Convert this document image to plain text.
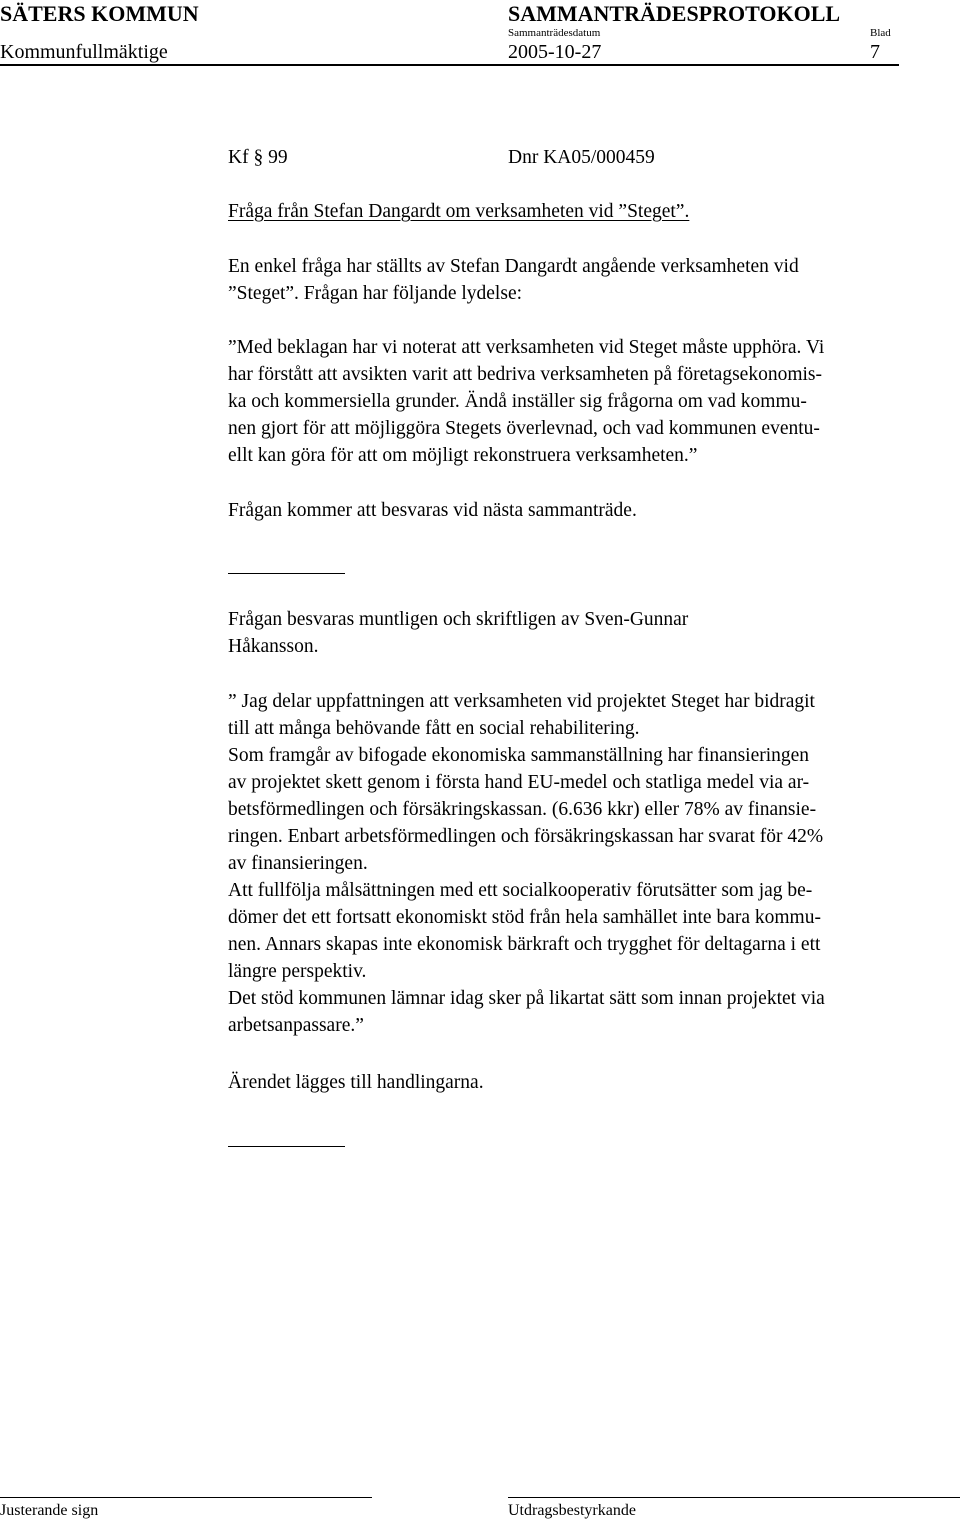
SÄTERS KOMMUN	SAMMANTRÄDESPROTOKOLL
Sammanträdesdatum	Blad
Kommunfullmäktige	2005-10-27	7
Kf § 99	Dnr KA05/000459
Fråga från Stefan Dangardt om verksamheten vid ”Steget”.
En enkel fråga har ställts av Stefan Dangardt angående verksamheten vid
”Steget”. Frågan har följande lydelse:
”Med beklagan har vi noterat att verksamheten vid Steget måste upphöra. Vi
har förstått att avsikten varit att bedriva verksamheten på företagsekonomis-
ka och kommersiella grunder. Ändå inställer sig frågorna om vad kommu-
nen gjort för att möjliggöra Stegets överlevnad, och vad kommunen eventu-
ellt kan göra för att om möjligt rekonstruera verksamheten.”
Frågan kommer att besvaras vid nästa sammanträde.
Frågan besvaras muntligen och skriftligen av Sven-Gunnar
Håkansson.
” Jag delar uppfattningen att verksamheten vid projektet Steget har bidragit
till att många behövande fått en social rehabilitering.
Som framgår av bifogade ekonomiska sammanställning har finansieringen
av projektet skett genom i första hand EU-medel och statliga medel via ar-
betsförmedlingen och försäkringskassan. (6.636 kkr) eller 78% av finansie-
ringen. Enbart arbetsförmedlingen och försäkringskassan har svarat för 42%
av finansieringen.
Att fullfölja målsättningen med ett socialkooperativ förutsätter som jag be-
dömer det ett fortsatt ekonomiskt stöd från hela samhället inte bara kommu-
nen. Annars skapas inte ekonomisk bärkraft och trygghet för deltagarna i ett
längre perspektiv.
Det stöd kommunen lämnar idag sker på likartat sätt som innan projektet via
arbetsanpassare.”
Ärendet lägges till handlingarna.
Justerande sign	Utdragsbestyrkande
